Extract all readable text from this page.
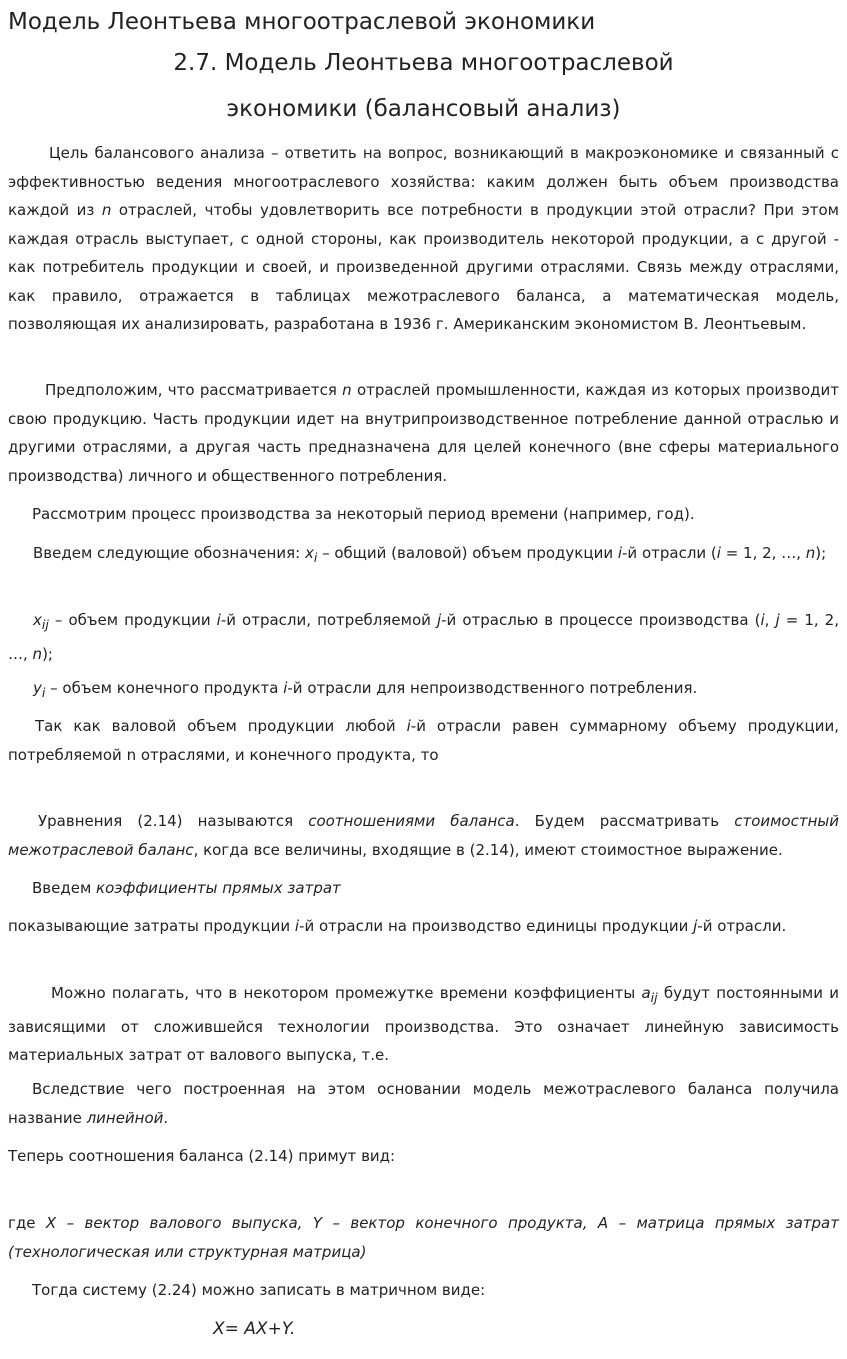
Модель Леонтьева многоотраслевой экономики
2.7. Модель Леонтьева многоотраслевой
экономики (балансовый анализ)

Цель балансового анализа – ответить на вопрос, возникающий в макроэкономике и связанный с эффективностью ведения многоотраслевого хозяйства: каким должен быть объем производства каждой из n отраслей, чтобы удовлетворить все потребности в продукции этой отрасли? При этом каждая отрасль выступает, с одной стороны, как производитель некоторой продукции, а с другой - как потребитель продукции и своей, и произведенной другими отраслями. Связь между отраслями, как правило, отражается в таблицах межотраслевого баланса, а математическая модель, позволяющая их анализировать, разработана в 1936 г. Американским экономистом В. Леонтьевым.

Предположим, что рассматривается n отраслей промышленности, каждая из которых производит свою продукцию. Часть продукции идет на внутрипроизводственное потребление данной отраслью и другими отраслями, а другая часть предназначена для целей конечного (вне сферы материального производства) личного и общественного потребления.

Рассмотрим процесс производства за некоторый период времени (например, год).

Введем следующие обозначения: $x_i$ – общий (валовой) объем продукции i-й отрасли (i = 1, 2, …, n);

$x_{ij}$ – объем продукции i-й отрасли, потребляемой j-й отраслью в процессе производства (i, j = 1, 2, …, n);

$y_i$ – объем конечного продукта i-й отрасли для непроизводственного потребления.

Так как валовой объем продукции любой i-й отрасли равен суммарному объему продукции, потребляемой n отраслями, и конечного продукта, то

Уравнения (2.14) называются соотношениями баланса. Будем рассматривать стоимостный межотраслевой баланс, когда все величины, входящие в (2.14), имеют стоимостное выражение.

Введем коэффициенты прямых затрат

показывающие затраты продукции i-й отрасли на производство единицы продукции j-й отрасли.

Можно полагать, что в некотором промежутке времени коэффициенты $a_{ij}$ будут постоянными и зависящими от сложившейся технологии производства. Это означает линейную зависимость материальных затрат от валового выпуска, т.е.

Вследствие чего построенная на этом основании модель межотраслевого баланса получила название линейной.

Теперь соотношения баланса (2.14) примут вид:

где X – вектор валового выпуска, Y – вектор конечного продукта, A – матрица прямых затрат (технологическая или структурная матрица)

Тогда систему (2.24) можно записать в матричном виде:

X= AX+Y.
